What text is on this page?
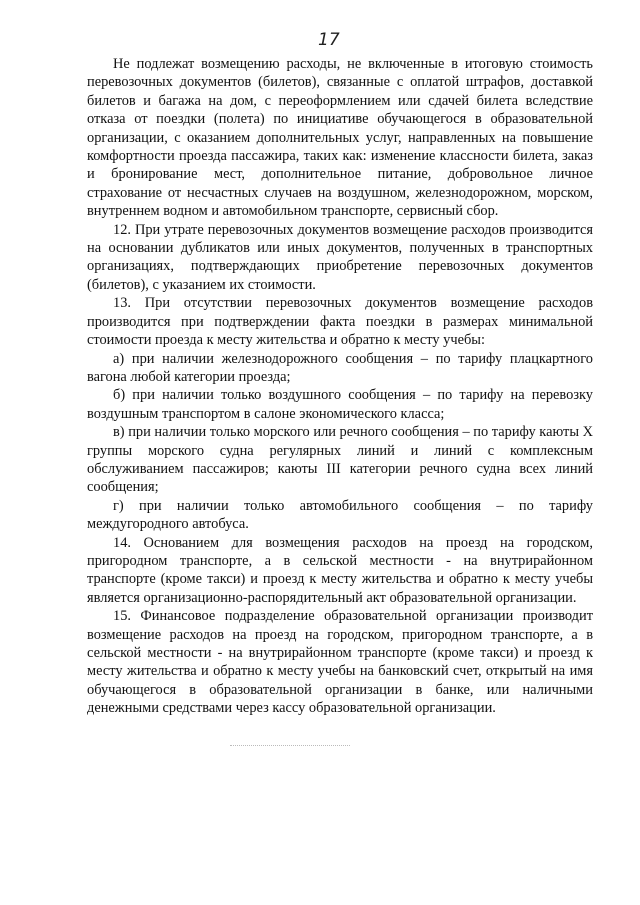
17

Не подлежат возмещению расходы, не включенные в итоговую стоимость перевозочных документов (билетов), связанные с оплатой штрафов, доставкой билетов и багажа на дом, с переоформлением или сдачей билета вследствие отказа от поездки (полета) по инициативе обучающегося в образовательной организации, с оказанием дополнительных услуг, направленных на повышение комфортности проезда пассажира, таких как: изменение классности билета, заказ и бронирование мест, дополнительное питание, добровольное личное страхование от несчастных случаев на воздушном, железнодорожном, морском, внутреннем водном и автомобильном транспорте, сервисный сбор.

12. При утрате перевозочных документов возмещение расходов производится на основании дубликатов или иных документов, полученных в транспортных организациях, подтверждающих приобретение перевозочных документов (билетов), с указанием их стоимости.

13. При отсутствии перевозочных документов возмещение расходов производится при подтверждении факта поездки в размерах минимальной стоимости проезда к месту жительства и обратно к месту учебы:

а) при наличии железнодорожного сообщения – по тарифу плацкартного вагона любой категории проезда;

б) при наличии только воздушного сообщения – по тарифу на перевозку воздушным транспортом в салоне экономического класса;

в) при наличии только морского или речного сообщения – по тарифу каюты X группы морского судна регулярных линий и линий с комплексным обслуживанием пассажиров; каюты III категории речного судна всех линий сообщения;

г) при наличии только автомобильного сообщения – по тарифу междугородного автобуса.

14. Основанием для возмещения расходов на проезд на городском, пригородном транспорте, а в сельской местности - на внутрирайонном транспорте (кроме такси) и проезд к месту жительства и обратно к месту учебы является организационно-распорядительный акт образовательной организации.

15. Финансовое подразделение образовательной организации производит возмещение расходов на проезд на городском, пригородном транспорте, а в сельской местности - на внутрирайонном транспорте (кроме такси) и проезд к месту жительства и обратно к месту учебы на банковский счет, открытый на имя обучающегося в образовательной организации в банке, или наличными денежными средствами через кассу образовательной организации.
